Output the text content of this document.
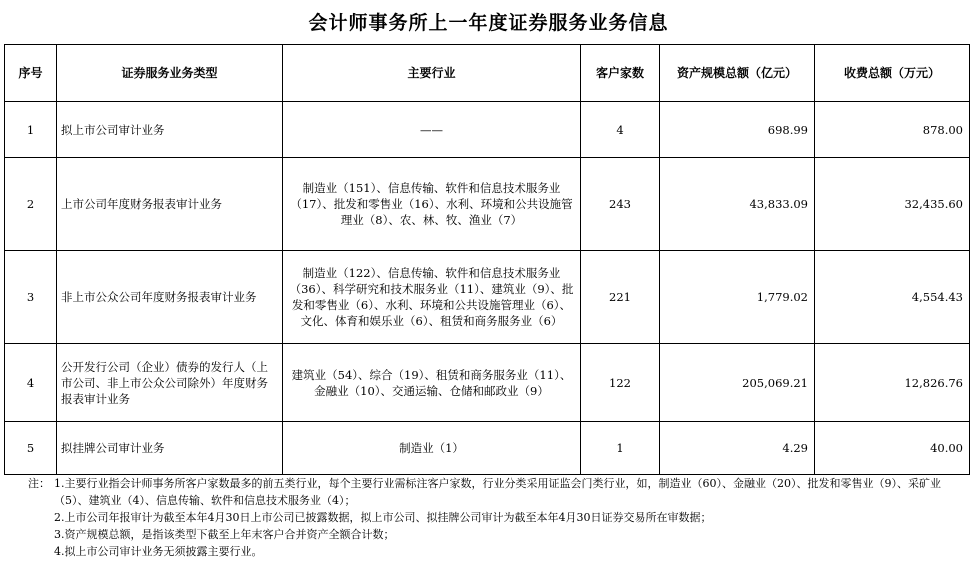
会计师事务所上一年度证券服务业务信息
序号	证券服务业务类型	主要行业	客户家数	资产规模总额（亿元）	收费总额（万元）
1	拟上市公司审计业务	——	4	698.99	878.00
2	上市公司年度财务报表审计业务	制造业（151）、信息传输、软件和信息技术服务业（17）、批发和零售业（16）、水利、环境和公共设施管理业（8）、农、林、牧、渔业（7）	243	43,833.09	32,435.60
3	非上市公众公司年度财务报表审计业务	制造业（122）、信息传输、软件和信息技术服务业（36）、科学研究和技术服务业（11）、建筑业（9）、批发和零售业（6）、水利、环境和公共设施管理业（6）、文化、体育和娱乐业（6）、租赁和商务服务业（6）	221	1,779.02	4,554.43
4	公开发行公司（企业）债券的发行人（上市公司、非上市公众公司除外）年度财务报表审计业务	建筑业（54）、综合（19）、租赁和商务服务业（11）、金融业（10）、交通运输、仓储和邮政业（9）	122	205,069.21	12,826.76
5	拟挂牌公司审计业务	制造业（1）	1	4.29	40.00
注： 1.主要行业指会计师事务所客户家数最多的前五类行业，每个主要行业需标注客户家数，行业分类采用证监会门类行业，如，制造业（60）、金融业（20）、批发和零售业（9）、采矿业（5）、建筑业（4）、信息传输、软件和信息技术服务业（4）；
2.上市公司年报审计为截至本年4月30日上市公司已披露数据，拟上市公司、拟挂牌公司审计为截至本年4月30日证券交易所在审数据；
3.资产规模总额，是指该类型下截至上年末客户合并资产全额合计数；
4.拟上市公司审计业务无须披露主要行业。
